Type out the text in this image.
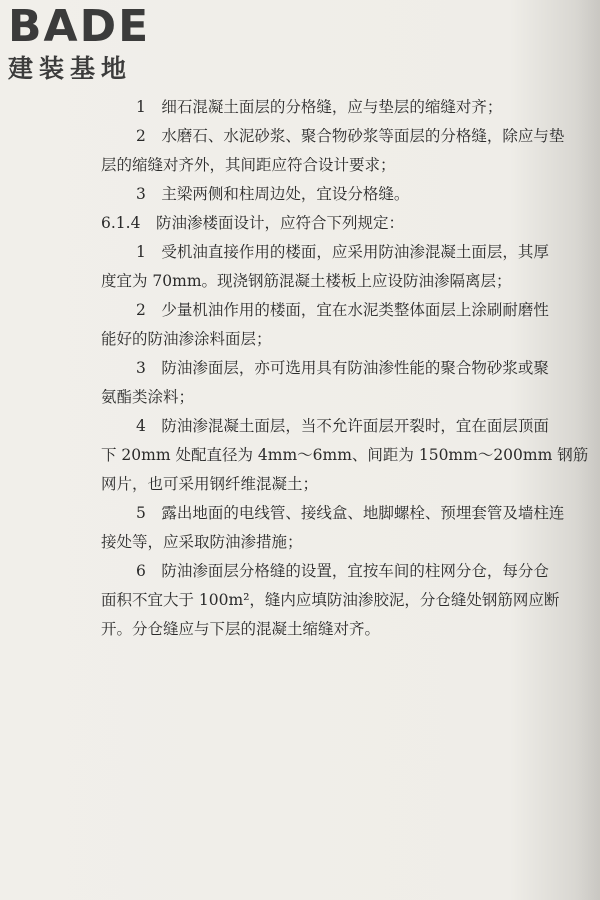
BADE
建装基地
1　细石混凝土面层的分格缝，应与垫层的缩缝对齐；
2　水磨石、水泥砂浆、聚合物砂浆等面层的分格缝，除应与垫
层的缩缝对齐外，其间距应符合设计要求；
3　主梁两侧和柱周边处，宜设分格缝。
6.1.4　防油渗楼面设计，应符合下列规定：
1　受机油直接作用的楼面，应采用防油渗混凝土面层，其厚
度宜为 70mm。现浇钢筋混凝土楼板上应设防油渗隔离层；
2　少量机油作用的楼面，宜在水泥类整体面层上涂刷耐磨性
能好的防油渗涂料面层；
3　防油渗面层，亦可选用具有防油渗性能的聚合物砂浆或聚
氨酯类涂料；
4　防油渗混凝土面层，当不允许面层开裂时，宜在面层顶面
下 20mm 处配直径为 4mm～6mm、间距为 150mm～200mm 钢筋
网片，也可采用钢纤维混凝土；
5　露出地面的电线管、接线盒、地脚螺栓、预埋套管及墙柱连
接处等，应采取防油渗措施；
6　防油渗面层分格缝的设置，宜按车间的柱网分仓，每分仓
面积不宜大于 100m²，缝内应填防油渗胶泥，分仓缝处钢筋网应断
开。分仓缝应与下层的混凝土缩缝对齐。
